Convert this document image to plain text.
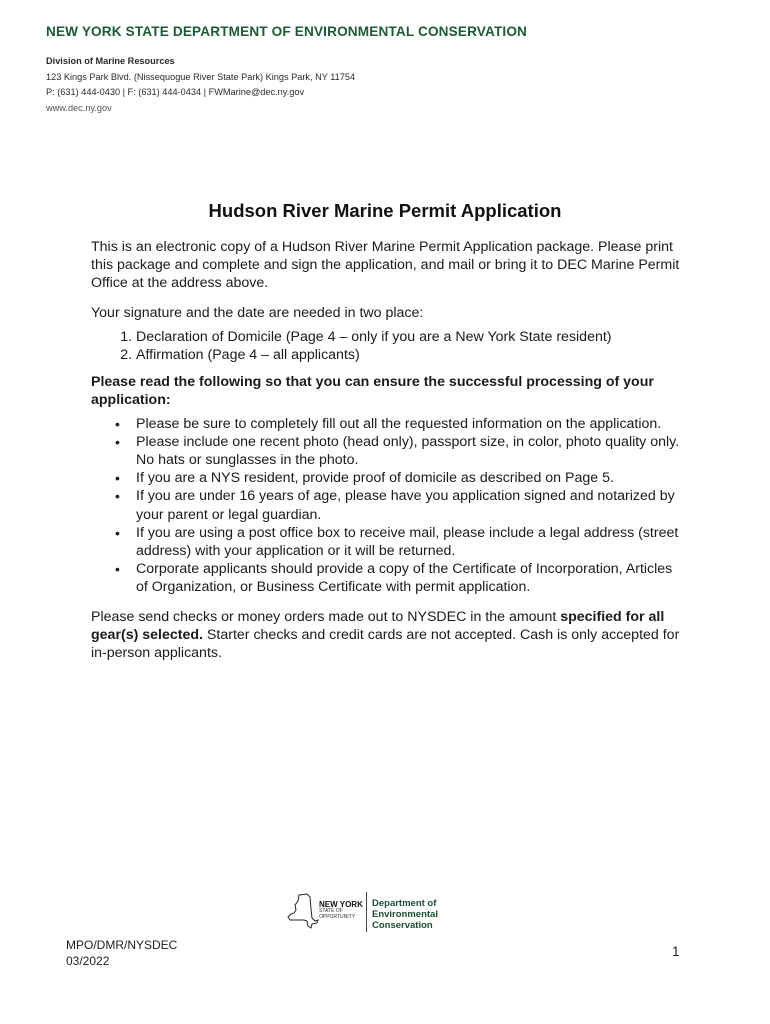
NEW YORK STATE DEPARTMENT OF ENVIRONMENTAL CONSERVATION
Division of Marine Resources
123 Kings Park Blvd. (Nissequogue River State Park) Kings Park, NY 11754
P: (631) 444-0430 | F: (631) 444-0434 | FWMarine@dec.ny.gov
www.dec.ny.gov
Hudson River Marine Permit Application

This is an electronic copy of a Hudson River Marine Permit Application package. Please print this package and complete and sign the application, and mail or bring it to DEC Marine Permit Office at the address above.

Your signature and the date are needed in two place:

1. Declaration of Domicile (Page 4 – only if you are a New York State resident)
2. Affirmation (Page 4 – all applicants)

Please read the following so that you can ensure the successful processing of your application:

• Please be sure to completely fill out all the requested information on the application.
• Please include one recent photo (head only), passport size, in color, photo quality only. No hats or sunglasses in the photo.
• If you are a NYS resident, provide proof of domicile as described on Page 5.
• If you are under 16 years of age, please have you application signed and notarized by your parent or legal guardian.
• If you are using a post office box to receive mail, please include a legal address (street address) with your application or it will be returned.
• Corporate applicants should provide a copy of the Certificate of Incorporation, Articles of Organization, or Business Certificate with permit application.

Please send checks or money orders made out to NYSDEC in the amount specified for all gear(s) selected. Starter checks and credit cards are not accepted. Cash is only accepted for in-person applicants.

NEW YORK
STATE OF
OPPORTUNITY
Department of
Environmental
Conservation
MPO/DMR/NYSDEC
03/2022
1
